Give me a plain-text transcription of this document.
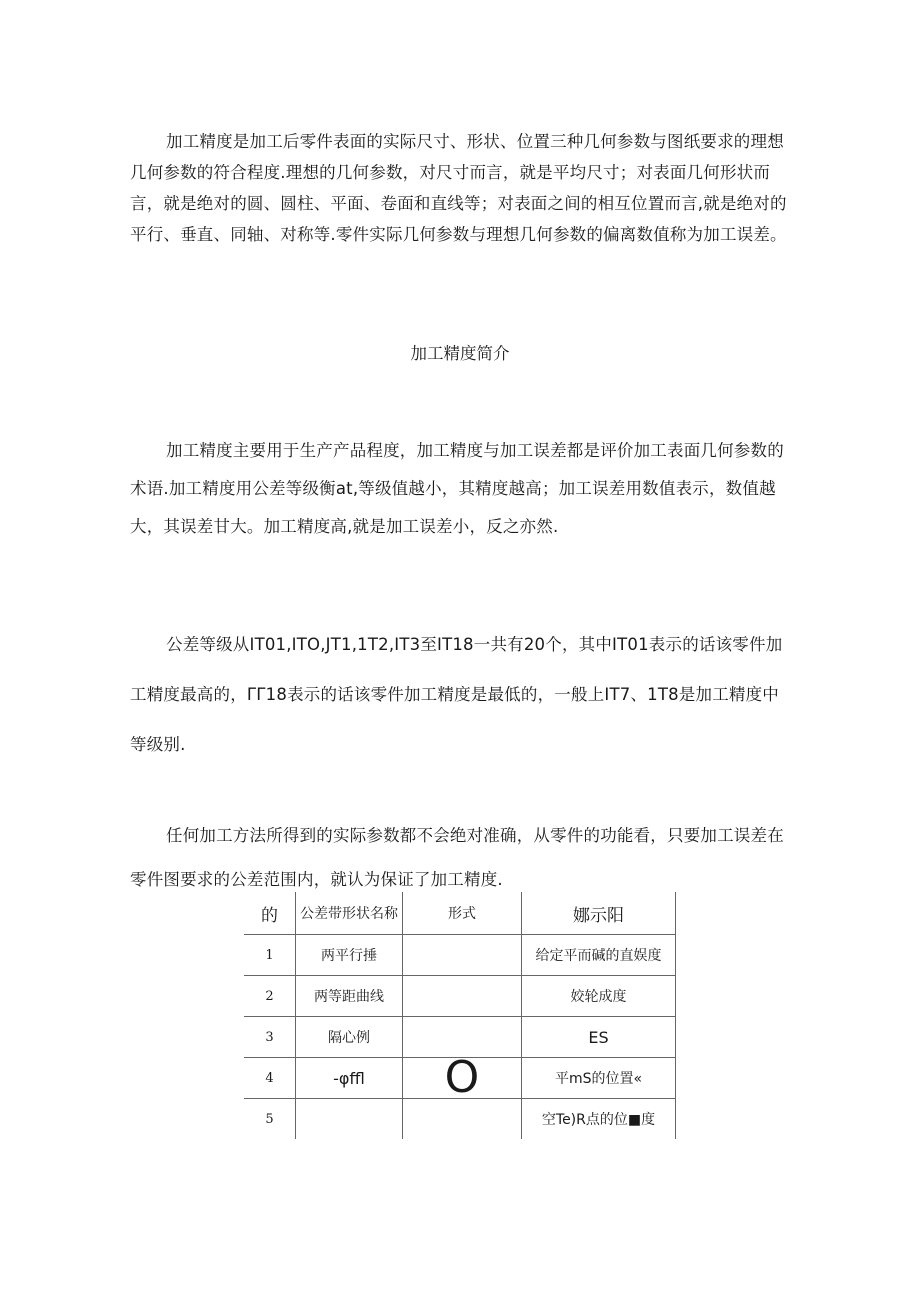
加工精度是加工后零件表面的实际尺寸、形状、位置三种几何参数与图纸要求的理想几何参数的符合程度.理想的几何参数，对尺寸而言，就是平均尺寸；对表面几何形状而言，就是绝对的圆、圆柱、平面、卷面和直线等；对表面之间的相互位置而言,就是绝对的平行、垂直、同轴、对称等.零件实际几何参数与理想几何参数的偏离数值称为加工误差。

加工精度简介

加工精度主要用于生产产品程度，加工精度与加工误差都是评价加工表面几何参数的术语.加工精度用公差等级衡at,等级值越小，其精度越高；加工误差用数值表示，数值越大，其误差甘大。加工精度高,就是加工误差小，反之亦然.

公差等级从IT01,ITO,JT1,1T2,IT3至IT18一共有20个，其中IT01表示的话该零件加工精度最高的，ΓΓ18表示的话该零件加工精度是最低的，一般上IT7、1T8是加工精度中等级别.

任何加工方法所得到的实际参数都不会绝对准确，从零件的功能看，只要加工误差在零件图要求的公差范围内，就认为保证了加工精度.

的	公差带形状名称	形式	娜示阳
1	两平行捶		给定平而碱的直娱度
2	两等距曲线		姣轮成度
3	隔心例		ES
4	-φffl	O	平mS的位置«
5			空Te)R点的位■度
